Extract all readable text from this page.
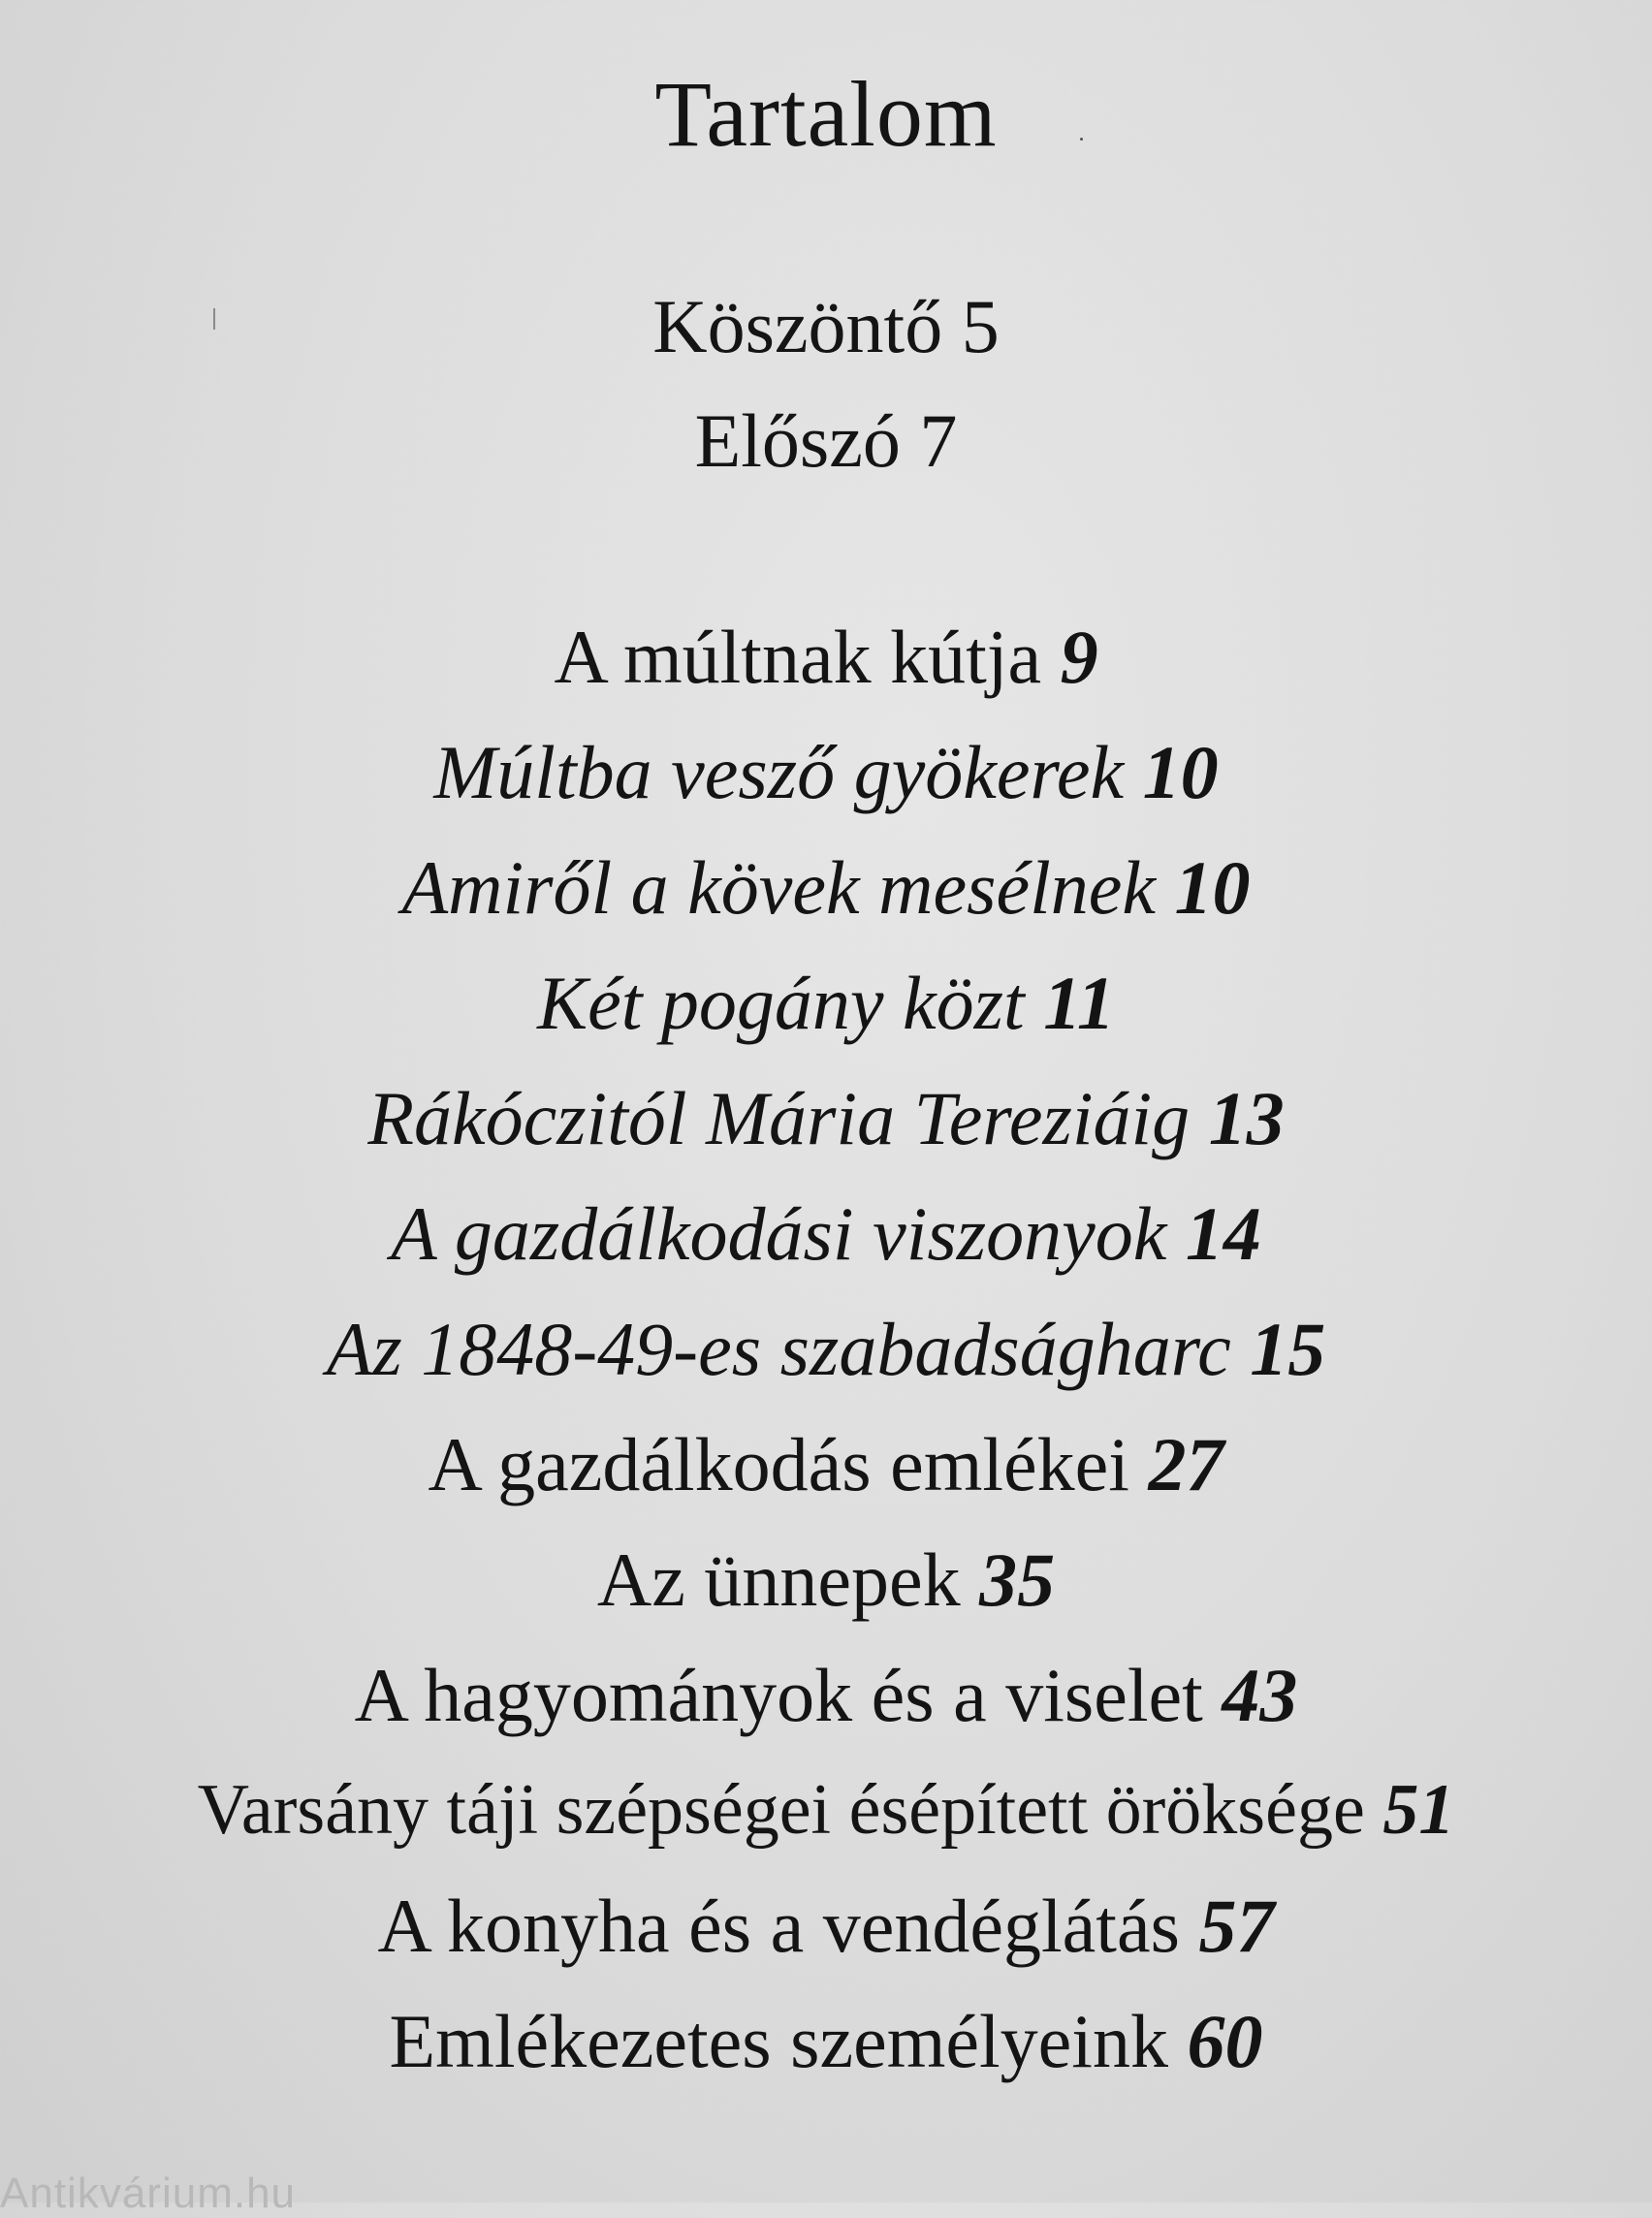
Tartalom
Köszöntő 5
Előszó 7
A múltnak kútja 9
Múltba vesző gyökerek 10
Amiről a kövek mesélnek 10
Két pogány közt 11
Rákóczitól Mária Tereziáig 13
A gazdálkodási viszonyok 14
Az 1848-49-es szabadságharc 15
A gazdálkodás emlékei 27
Az ünnepek 35
A hagyományok és a viselet 43
Varsány táji szépségei ésépített öröksége 51
A konyha és a vendéglátás 57
Emlékezetes személyeink 60
Antikvárium.hu
